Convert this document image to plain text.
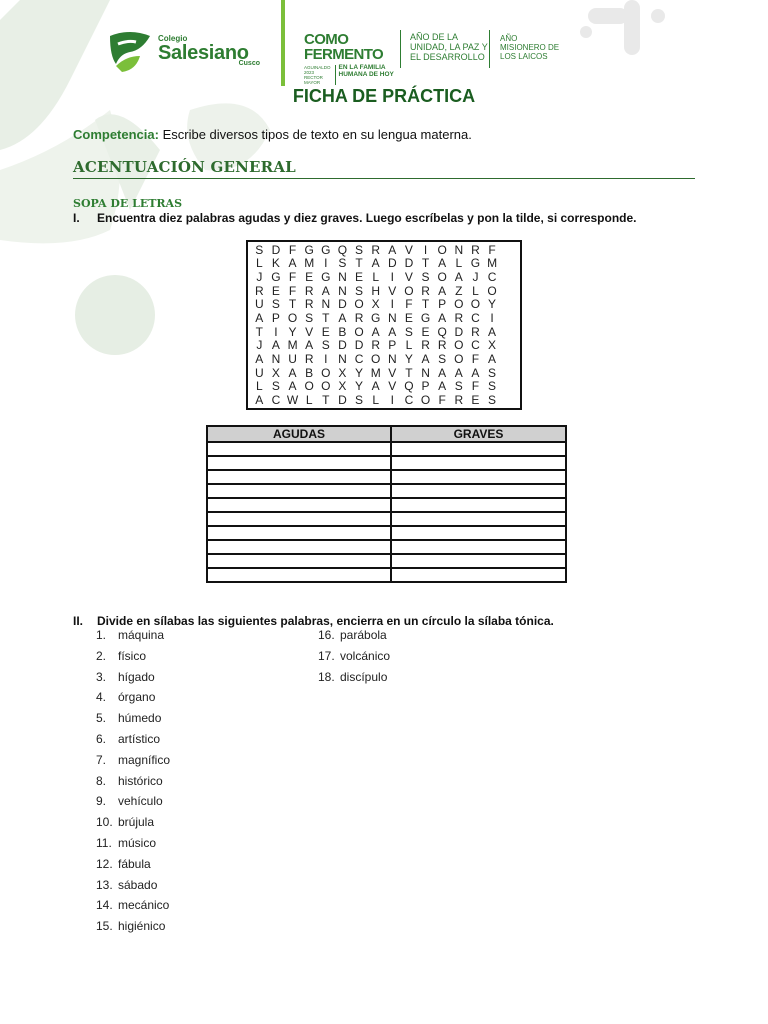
Colegio
Salesiano
Cusco
COMO FERMENTO
AGUINALDO 2023 RECTOR MAYOR
EN LA FAMILIA HUMANA DE HOY
AÑO DE LA UNIDAD, LA PAZ Y EL DESARROLLO
AÑO MISIONERO DE LOS LAICOS
FICHA DE PRÁCTICA
Competencia: Escribe diversos tipos de texto en su lengua materna.
ACENTUACIÓN GENERAL
SOPA DE LETRAS
I. Encuentra diez palabras agudas y diez graves. Luego escríbelas y pon la tilde, si corresponde.
S D F G G Q S R A V I O N R F
L K A M I S T A D D T A L G M
J G F E G N E L I V S O A J C
R E F R A N S H V O R A Z L O
U S T R N D O X I F T P O O Y
A P O S T A R G N E G A R C I
T I Y V E B O A A S E Q D R A
J A M A S D D R P L R R O C X
A N U R I N C O N Y A S O F A
U X A B O X Y M V T N A A A S
L S A O O X Y A V Q P A S F S
A C W L T D S L I C O F R E S
AGUDAS	GRAVES

II. Divide en sílabas las siguientes palabras, encierra en un círculo la sílaba tónica.
1. máquina
2. físico
3. hígado
4. órgano
5. húmedo
6. artístico
7. magnífico
8. histórico
9. vehículo
10. brújula
11. músico
12. fábula
13. sábado
14. mecánico
15. higiénico
16. parábola
17. volcánico
18. discípulo
